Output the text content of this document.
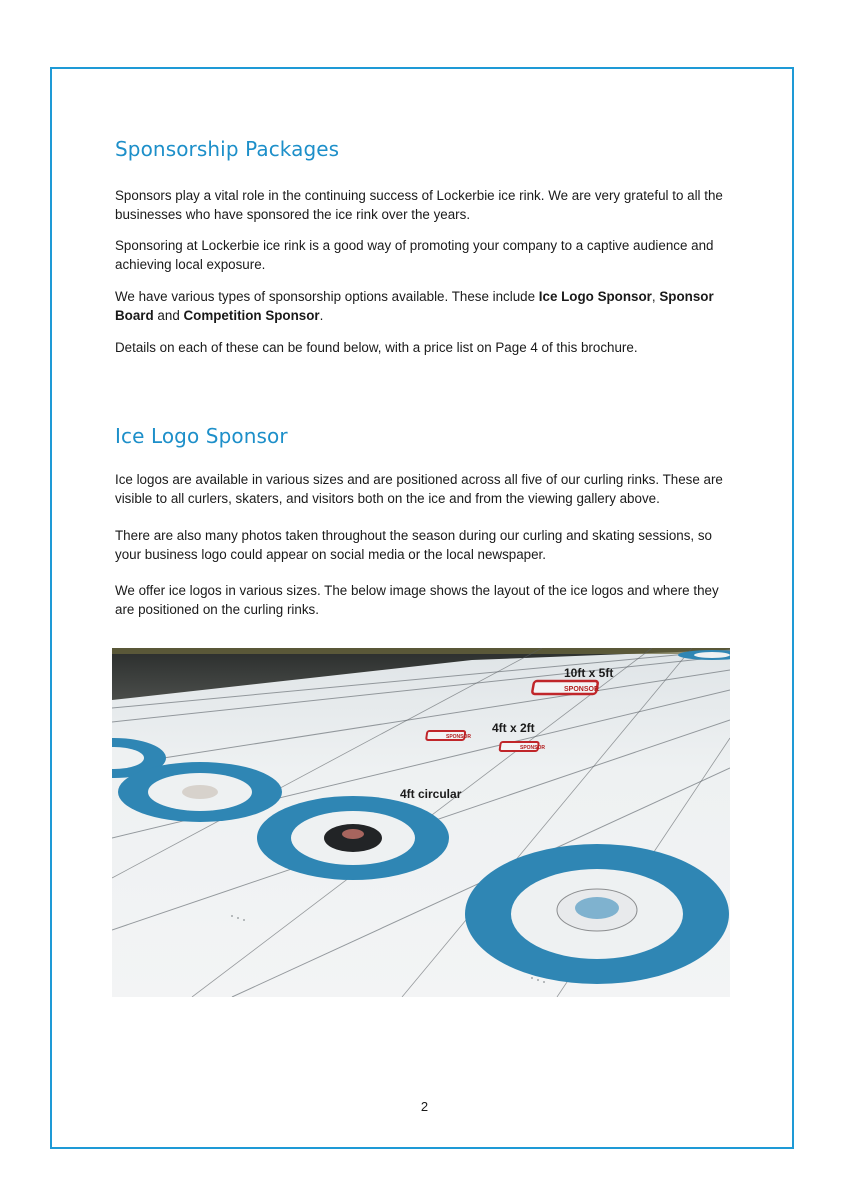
Sponsorship Packages

Sponsors play a vital role in the continuing success of Lockerbie ice rink. We are very grateful to all the businesses who have sponsored the ice rink over the years.

Sponsoring at Lockerbie ice rink is a good way of promoting your company to a captive audience and achieving local exposure.

We have various types of sponsorship options available. These include Ice Logo Sponsor, Sponsor Board and Competition Sponsor.

Details on each of these can be found below, with a price list on Page 4 of this brochure.

Ice Logo Sponsor

Ice logos are available in various sizes and are positioned across all five of our curling rinks. These are visible to all curlers, skaters, and visitors both on the ice and from the viewing gallery above.

There are also many photos taken throughout the season during our curling and skating sessions, so your business logo could appear on social media or the local newspaper.

We offer ice logos in various sizes. The below image shows the layout of the ice logos and where they are positioned on the curling rinks.

SPONSOR
SPONSOR
SPONSOR
10ft x 5ft
4ft x 2ft
4ft circular
2
